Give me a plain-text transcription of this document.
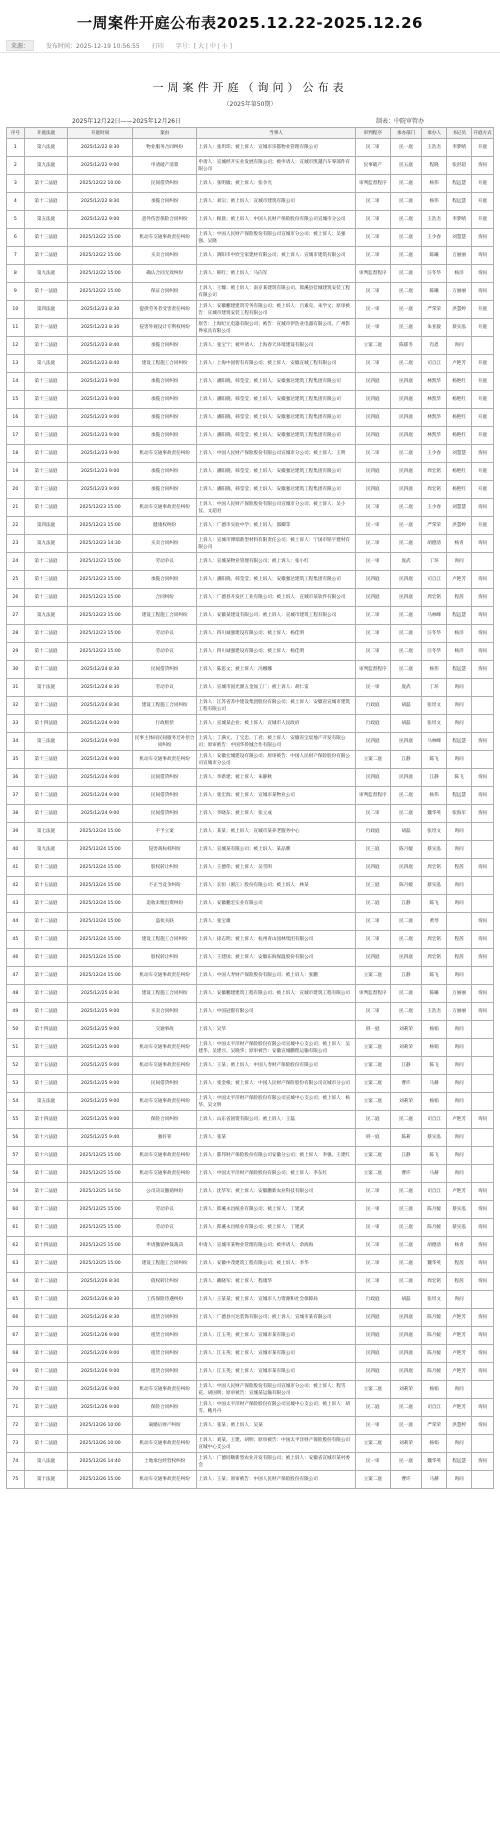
一周案件开庭公布表2025.12.22-2025.12.26
来源：	发布时间：2025-12-19 10:56:55 打印 字号：[ 大 | 中 | 小 ]
一周案件开庭（询问）公布表
（2025年第50期）
2025年12月22日——2025年12月26日	制表：中院审管办
序号	开庭法庭	开庭时间	案由	当事人	审判程序	承办部门	承办人	书记员	开庭方式
1	第六法庭	2025/12/22 8:30	物业服务合同纠纷	上诉人：张玥玮；被上诉人：宣城市乐都物业管理有限公司	民二审	民一庭	王浩杰	李梦晴	开庭
2	第九法庭	2025/12/22 9:00	申请破产清算	申请人：宣城经开实业发展有限公司；被申请人：宣城市凯越汽车零部件有限公司	民事破产	民五庭	程晓	张洪超	询问
3	第十二法庭	2025/12/22 10:00	民间借贷纠纷	上诉人：张明敏；被上诉人：张争光	审判监督程序	民二庭	杨伟	程远慧	开庭
4	第十二法庭	2025/12/22 8:30	承揽合同纠纷	上诉人：刘宗；被上诉人：宣城市建筑有限公司	民二审	民二庭	杨伟	程远慧	开庭
5	第五法庭	2025/12/22 9:00	意外伤害保险合同纠纷	上诉人：顾晨；被上诉人：中国人民财产保险股份有限公司宣城市分公司	民二审	民二庭	王浩杰	李梦晴	开庭
6	第十三法庭	2025/12/22 15:00	机动车交通事故责任纠纷	上诉人：中国人民财产保险股份有限公司宣城市分公司；被上诉人：吴强强、吴晓	民二审	民二庭	王少春	刘慧慧	询问
7	第十二法庭	2025/12/22 15:00	买卖合同纠纷	上诉人：泗阳市中欣宝家建材有限公司；被上诉人：宣城市建筑有限公司	民二审	民二庭	陈曦	万丽丽	询问
8	第九法庭	2025/12/22 15:00	确认合同无效纠纷	上诉人：韩红；被上诉人：马向军	审判监督程序	民二庭	汪冬华	杨洋	询问
9	第十一法庭	2025/12/22 15:00	保证合同纠纷	上诉人：王臻；被上诉人：南京某建筑有限公司、郎溪县佳城建筑安装工程有限公司	民二审	民二庭	陈曦	万丽丽	询问
10	第四法庭	2025/12/23 8:30	提供劳务者受害责任纠纷	上诉人：安徽鹏建建筑劳务有限公司；被上诉人：吕素克、朱学文；原审被告：宣城市建筑安装工程有限公司	民一审	民一庭	严荣荣	洪慧婷	开庭
11	第十一法庭	2025/12/23 8:30	侵害外观设计专利权纠纷	原告：上海纪元电器有限公司；被告：宣城市伊浩业电器有限公司、广州影界家具有限公司	民一审	民三庭	朱亚骏	蔡实泓	开庭
12	第十二法庭	2025/12/23 8:40	承揽合同纠纷	上诉人：张宝宁；被申请人：上海春天环境建设有限公司	立案二庭	陈郁冬	肖恩	询问	
13	第八法庭	2025/12/23 8:40	建设工程施工合同纠纷	上诉人：上海中国智有有限公司；被上诉人：安徽宣城工程有限公司	民二审	民二庭	司自江	卢艳芳	开庭
14	第十三法庭	2025/12/23 9:00	承揽合同纠纷	上诉人：潘阳晓、韩莹莹；被上诉人：安徽强达建筑工程集团有限公司	民四庭	民四庭	林凯华	杨艳红	开庭
15	第十三法庭	2025/12/23 9:00	承揽合同纠纷	上诉人：潘阳晓、韩莹莹；被上诉人：安徽强达建筑工程集团有限公司	民四庭	民四庭	林凯华	杨艳红	开庭
16	第十三法庭	2025/12/23 9:00	承揽合同纠纷	上诉人：潘阳晓、韩莹莹；被上诉人：安徽强达建筑工程集团有限公司	民四庭	民四庭	林凯华	杨艳红	开庭
17	第十三法庭	2025/12/23 9:00	承揽合同纠纷	上诉人：潘阳晓、韩莹莹；被上诉人：安徽强达建筑工程集团有限公司	民四庭	民四庭	林凯华	杨艳红	开庭
18	第十二法庭	2025/12/23 9:00	机动车交通事故责任纠纷	上诉人：中国人民财产保险股份有限公司宣城市分公司；被上诉人：王明	民二审	民二庭	王少春	刘慧慧	询问
19	第十三法庭	2025/12/23 9:00	承揽合同纠纷	上诉人：潘阳晓、韩莹莹；被上诉人：安徽强达建筑工程集团有限公司	民四庭	民四庭	周宏铭	杨艳红	开庭
20	第十三法庭	2025/12/23 9:00	承揽合同纠纷	上诉人：潘阳晓、韩莹莹；被上诉人：安徽强达建筑工程集团有限公司	民四庭	民四庭	周宏铭	杨艳红	开庭
21	第十二法庭	2025/12/23 15:00	机动车交通事故责任纠纷	上诉人：中国人民财产保险股份有限公司宣城市分公司；被上诉人：吴小仪、文超君	民二审	民二庭	王少春	刘慧慧	询问
22	第四法庭	2025/12/23 15:00	健康权纠纷	上诉人：广德市实验中学；被上诉人：邵卿等	民一审	民一庭	严荣荣	洪慧婷	开庭
23	第九法庭	2025/12/23 14:30	买卖合同纠纷	上诉人：宣城市博瑞新型材料有限责任公司；被上诉人：宁国市铭宇建材有限公司	民二审	民二庭	胡德清	杨青	询问
24	第十二法庭	2025/12/23 15:00	劳动争议	上诉人：宣城某物业管理有限公司；被上诉人：张小红	民一审	庞武	丁环	询问	
25	第十三法庭	2025/12/23 15:00	承揽合同纠纷	上诉人：潘阳晓、韩莹莹；被上诉人：安徽强达建筑工程集团有限公司	民四庭	民四庭	司自江	卢艳芳	询问
26	第十三法庭	2025/12/23 15:00	合同纠纷	上诉人：广德县开发区工业有限公司；被上诉人：宣城市某软件有限公司	民四庭	民四庭	周宏铭	程茜	询问
27	第九法庭	2025/12/23 15:00	建设工程施工合同纠纷	上诉人：安徽某建设有限公司；被上诉人：宣城市建筑工程有限公司	民二审	民二庭	马林峰	程远慧	询问
28	第十二法庭	2025/12/23 15:00	劳动争议	上诉人：四川诚强建设有限公司；被上诉人：杨佳明	民二审	民二庭	汪冬华	杨洋	询问
29	第十二法庭	2025/12/23 15:00	劳动争议	上诉人：四川诚强建设有限公司；被上诉人：杨佳明	民二审	民二庭	汪冬华	杨洋	询问
30	第十二法庭	2025/12/24 8:30	民间借贷纠纷	上诉人：陈思文；被上诉人：冯娜娜	审判监督程序	民二庭	杨伟	程远慧	询问
31	第十法庭	2025/12/24 8:30	劳动争议	上诉人：宣城市国光源五金加工厂；被上诉人：胡仁雷	民一审	庞武	丁环	询问	
32	第十二法庭	2025/12/24 8:30	建设工程施工合同纠纷	上诉人：江苏省苏中建设集团股份有限公司；被上诉人：安徽省宣城市建筑工程有限公司	行政庭	胡磊	张坦文	询问	
33	第十四法庭	2025/12/24 9:00	行政赔偿	上诉人：宣城某企业；被上诉人：宣城市人民政府	行政庭	胡磊	张坦文	询问	
34	第三法庭	2025/12/24 9:00	民事主体间民间服务迁补偿合同纠纷	上诉人：丁满元、丁宝忠、丁君；被上诉人：安徽省宝宸地产开发有限公司；原审被告：中国华侨城合作有限公司	民四庭	民四庭	马林峰	程远慧	询问
35	第十三法庭	2025/12/24 9:00	机动车交通事故责任纠纷	上诉人：安徽宏城建设有限公司；原审被告：中国人民财产保险股份有限公司宣城市分公司	立案二庭	江静	陈飞	询问	
36	第十三法庭	2025/12/24 9:00	民间借贷纠纷	上诉人：李新建；被上诉人：朱静秋	民四庭	民四庭	江静	陈飞	询问
37	第十二法庭	2025/12/24 9:00	民间借贷纠纷	上诉人：张宏海；被上诉人：宣城市某物业公司	审判监督程序	民二庭	杨伟	程远慧	询问
38	第十三法庭	2025/12/24 9:00	民间借贷纠纷	上诉人：李晓东；被上诉人：张立成	民二审	民二庭	魏华英	张海军	询问
39	第七法庭	2025/12/24 15:00	不予立案	上诉人：某某；被上诉人：宣城市某养老服务中心	行政庭	胡磊	张坦文	询问	
40	第九法庭	2025/12/24 15:00	侵害商标权纠纷	上诉人：宣城某有限公司；被上诉人：某品牌	民三庭	陈月媛	蔡实泓	询问	
41	第十二法庭	2025/12/24 15:00	股权转让纠纷	上诉人：王德伟；被上诉人：吴雪明	民四庭	民四庭	周宏铭	程茜	询问
42	第十五法庭	2025/12/24 15:00	不正当竞争纠纷	上诉人：长恒（浙江）股份有限公司；被上诉人：林某	民三庭	陈月媛	蔡实泓	询问	
43	第十二法庭	2025/12/24 15:00	追收未缴出资纠纷	上诉人：安徽鹏宏实业有限公司	民二庭	江静	陈飞	询问	
44	第十二法庭	2025/12/24 15:00	盗伙关联	上诉人：张宝雄	民二审	民二庭	黄琴		询问
45	第十二法庭	2025/12/24 15:00	建设工程施工合同纠纷	上诉人：徐志明；被上诉人：杭州青山园林集团有限公司	民二审	民二庭	周宏铭	程茜	询问
46	第十三法庭	2025/12/24 15:00	股权转让纠纷	上诉人：王建国；被上诉人：安徽东海保温股份有限公司	民四庭	民四庭	周宏铭	程茜	询问
47	第十二法庭	2025/12/24 15:00	机动车交通事故责任纠纷	上诉人：中国人寿财产保险股份有限公司；被上诉人：张鹏	立案二庭	江静	陈飞	询问	
48	第十二法庭	2025/12/25 8:30	建设工程施工合同纠纷	上诉人：安徽鹏建建筑工程有限公司；被上诉人：宣城市建筑工程有限公司	审判监督程序	民二庭	陈曦	万丽丽	询问
49	第十二法庭	2025/12/25 9:00	买卖合同纠纷	上诉人：中国冠群有限公司	民二审	民二庭	王浩杰	万丽丽	询问
50	第十四法庭	2025/12/25 9:00	交通事故	上诉人：吴华	刑一庭	刘莉荣	杨娟	询问	
51	第十三法庭	2025/12/25 9:00	机动车交通事故责任纠纷	上诉人：中国太平洋财产保险股份有限公司宣城中心支公司；被上诉人：吴建华、吴建兴、吴晓华；原审被告：安徽宣城鹏程运输有限公司	立案二庭	刘莉荣	杨娟	询问	
52	第十五法庭	2025/12/25 9:00	机动车交通事故责任纠纷	上诉人：王某；被上诉人：中国人寿财产保险股份有限公司	立案二庭	江静	陈飞	询问	
53	第十三法庭	2025/12/25 9:00	民间借贷纠纷	上诉人：张金根；被上诉人：中国人民财产保险股份有限公司宣城市分公司	立案二庭	曹许	马赫	询问	
54	第五法庭	2025/12/25 9:00	机动车交通事故责任纠纷	上诉人：中国太平洋财产保险股份有限公司宣城中心支公司；被上诉人：杨华、吴文明	立案二庭	刘莉荣	杨娟	询问	
55	第十四法庭	2025/12/25 9:00	保险合同纠纷	上诉人：山东省国资有限公司；被上诉人：王磊	民二庭	民二庭	司自江	卢艳芳	询问
56	第十六法庭	2025/12/25 9:40	强奸罪	上诉人：张某	刑一庭	陈莉	蔡实泓	询问	
57	第十六法庭	2025/12/25 15:00	机动车交通事故责任纠纷	上诉人：都邦财产保险股份有限公司安徽分公司；被上诉人：李强、王建红	立案二庭	江静	陈飞	询问	
58	第十二法庭	2025/12/25 15:00	机动车交通事故责任纠纷	上诉人：中国太平洋财产保险股份有限公司；被上诉人：李东红	立案二庭	曹许	马赫	询问	
59	第十二法庭	2025/12/25 14:50	公司决议撤销纠纷	上诉人：沈华军；被上诉人：安徽鹏新农业科技有限公司	民二审	民二庭	司自江	卢艳芳	询问
60	第十二法庭	2025/12/25 15:00	劳动争议	上诉人：郎溪永昌纸业有限公司；被上诉人：丁建武	民一审	民三庭	陈月媛	蔡实泓	询问
61	第十二法庭	2025/12/25 15:00	劳动争议	上诉人：郎溪永昌纸业有限公司；被上诉人：丁建武	民一审	民三庭	陈月媛	蔡实泓	询问
62	第十四法庭	2025/12/25 15:00	申请撤销仲裁裁决	申请人：宣城市某物业管理有限公司；被申请人：余海海	民二审	民二庭	胡德清	杨青	询问
63	第十二法庭	2025/12/25 15:00	建设工程施工合同纠纷	上诉人：安徽中茂建筑工程有限公司；被上诉人：李华	民二审	民二庭	魏华英	程茜	询问
64	第十二法庭	2025/12/26 8:30	债权转让纠纷	上诉人：戴晓军；被上诉人：程康华	民二审	民二庭	周宏铭	程茜	询问
65	第十二法庭	2025/12/26 8:30	工伤保险待遇纠纷	上诉人：王某某；被上诉人：宣城市人力资源和社会保障局	行政庭	胡磊	张坦文	询问	
66	第十二法庭	2025/12/26 8:30	租赁合同纠纷	上诉人：广德县兴达装饰有限公司；被上诉人：宣城市某有限公司	民四庭	民四庭	陈月媛	卢艳芳	询问
67	第十二法庭	2025/12/26 9:00	租赁合同纠纷	上诉人：江玉英；被上诉人：宣城市某有限公司	民四庭	民四庭	陈月媛	卢艳芳	询问
68	第十二法庭	2025/12/26 9:00	租赁合同纠纷	上诉人：江玉英；被上诉人：宣城市某有限公司	民四庭	民四庭	陈月媛	卢艳芳	询问
69	第十二法庭	2025/12/26 9:00	租赁合同纠纷	上诉人：江玉英；被上诉人：宣城市某有限公司	民四庭	民四庭	陈月媛	卢艳芳	询问
70	第十三法庭	2025/12/26 9:00	机动车交通事故责任纠纷	上诉人：中国人民财产保险股份有限公司宣城市分公司；被上诉人：程雪花、胡国明；原审被告：宣城某运输有限公司	立案二庭	刘莉荣	杨娟	询问	
71	第十二法庭	2025/12/26 9:00	保险合同纠纷	上诉人：中国太平洋财产保险股份有限公司宣城中心支公司；被上诉人：胡雪、鲍丹丹	民二庭	民二庭	司自江	卢艳芳	询问
72	第十二法庭	2025/12/26 10:00	离婚后财产纠纷	上诉人：张某；被上诉人：吴某	民一审	民一庭	严荣荣	洪慧婷	询问
73	第十二法庭	2025/12/26 10:00	机动车交通事故责任纠纷	上诉人：刘某、王建、胡明；原审被告：中国太平洋财产保险股份有限公司宣城中心支公司	立案二庭	刘莉荣	杨娟	询问	
74	第八法庭	2025/12/26 14:40	土地承包经营权纠纷	上诉人：广德同顺新型农业开发有限公司；被上诉人：安徽省宣城市某村委会	民一审	民一庭	魏华英	程远慧	询问
75	第十法庭	2025/12/26 15:00	机动车交通事故责任纠纷	上诉人：王某；原审被告：中国人民财产保险股份有限公司	立案二庭	曹许	马赫	询问	
